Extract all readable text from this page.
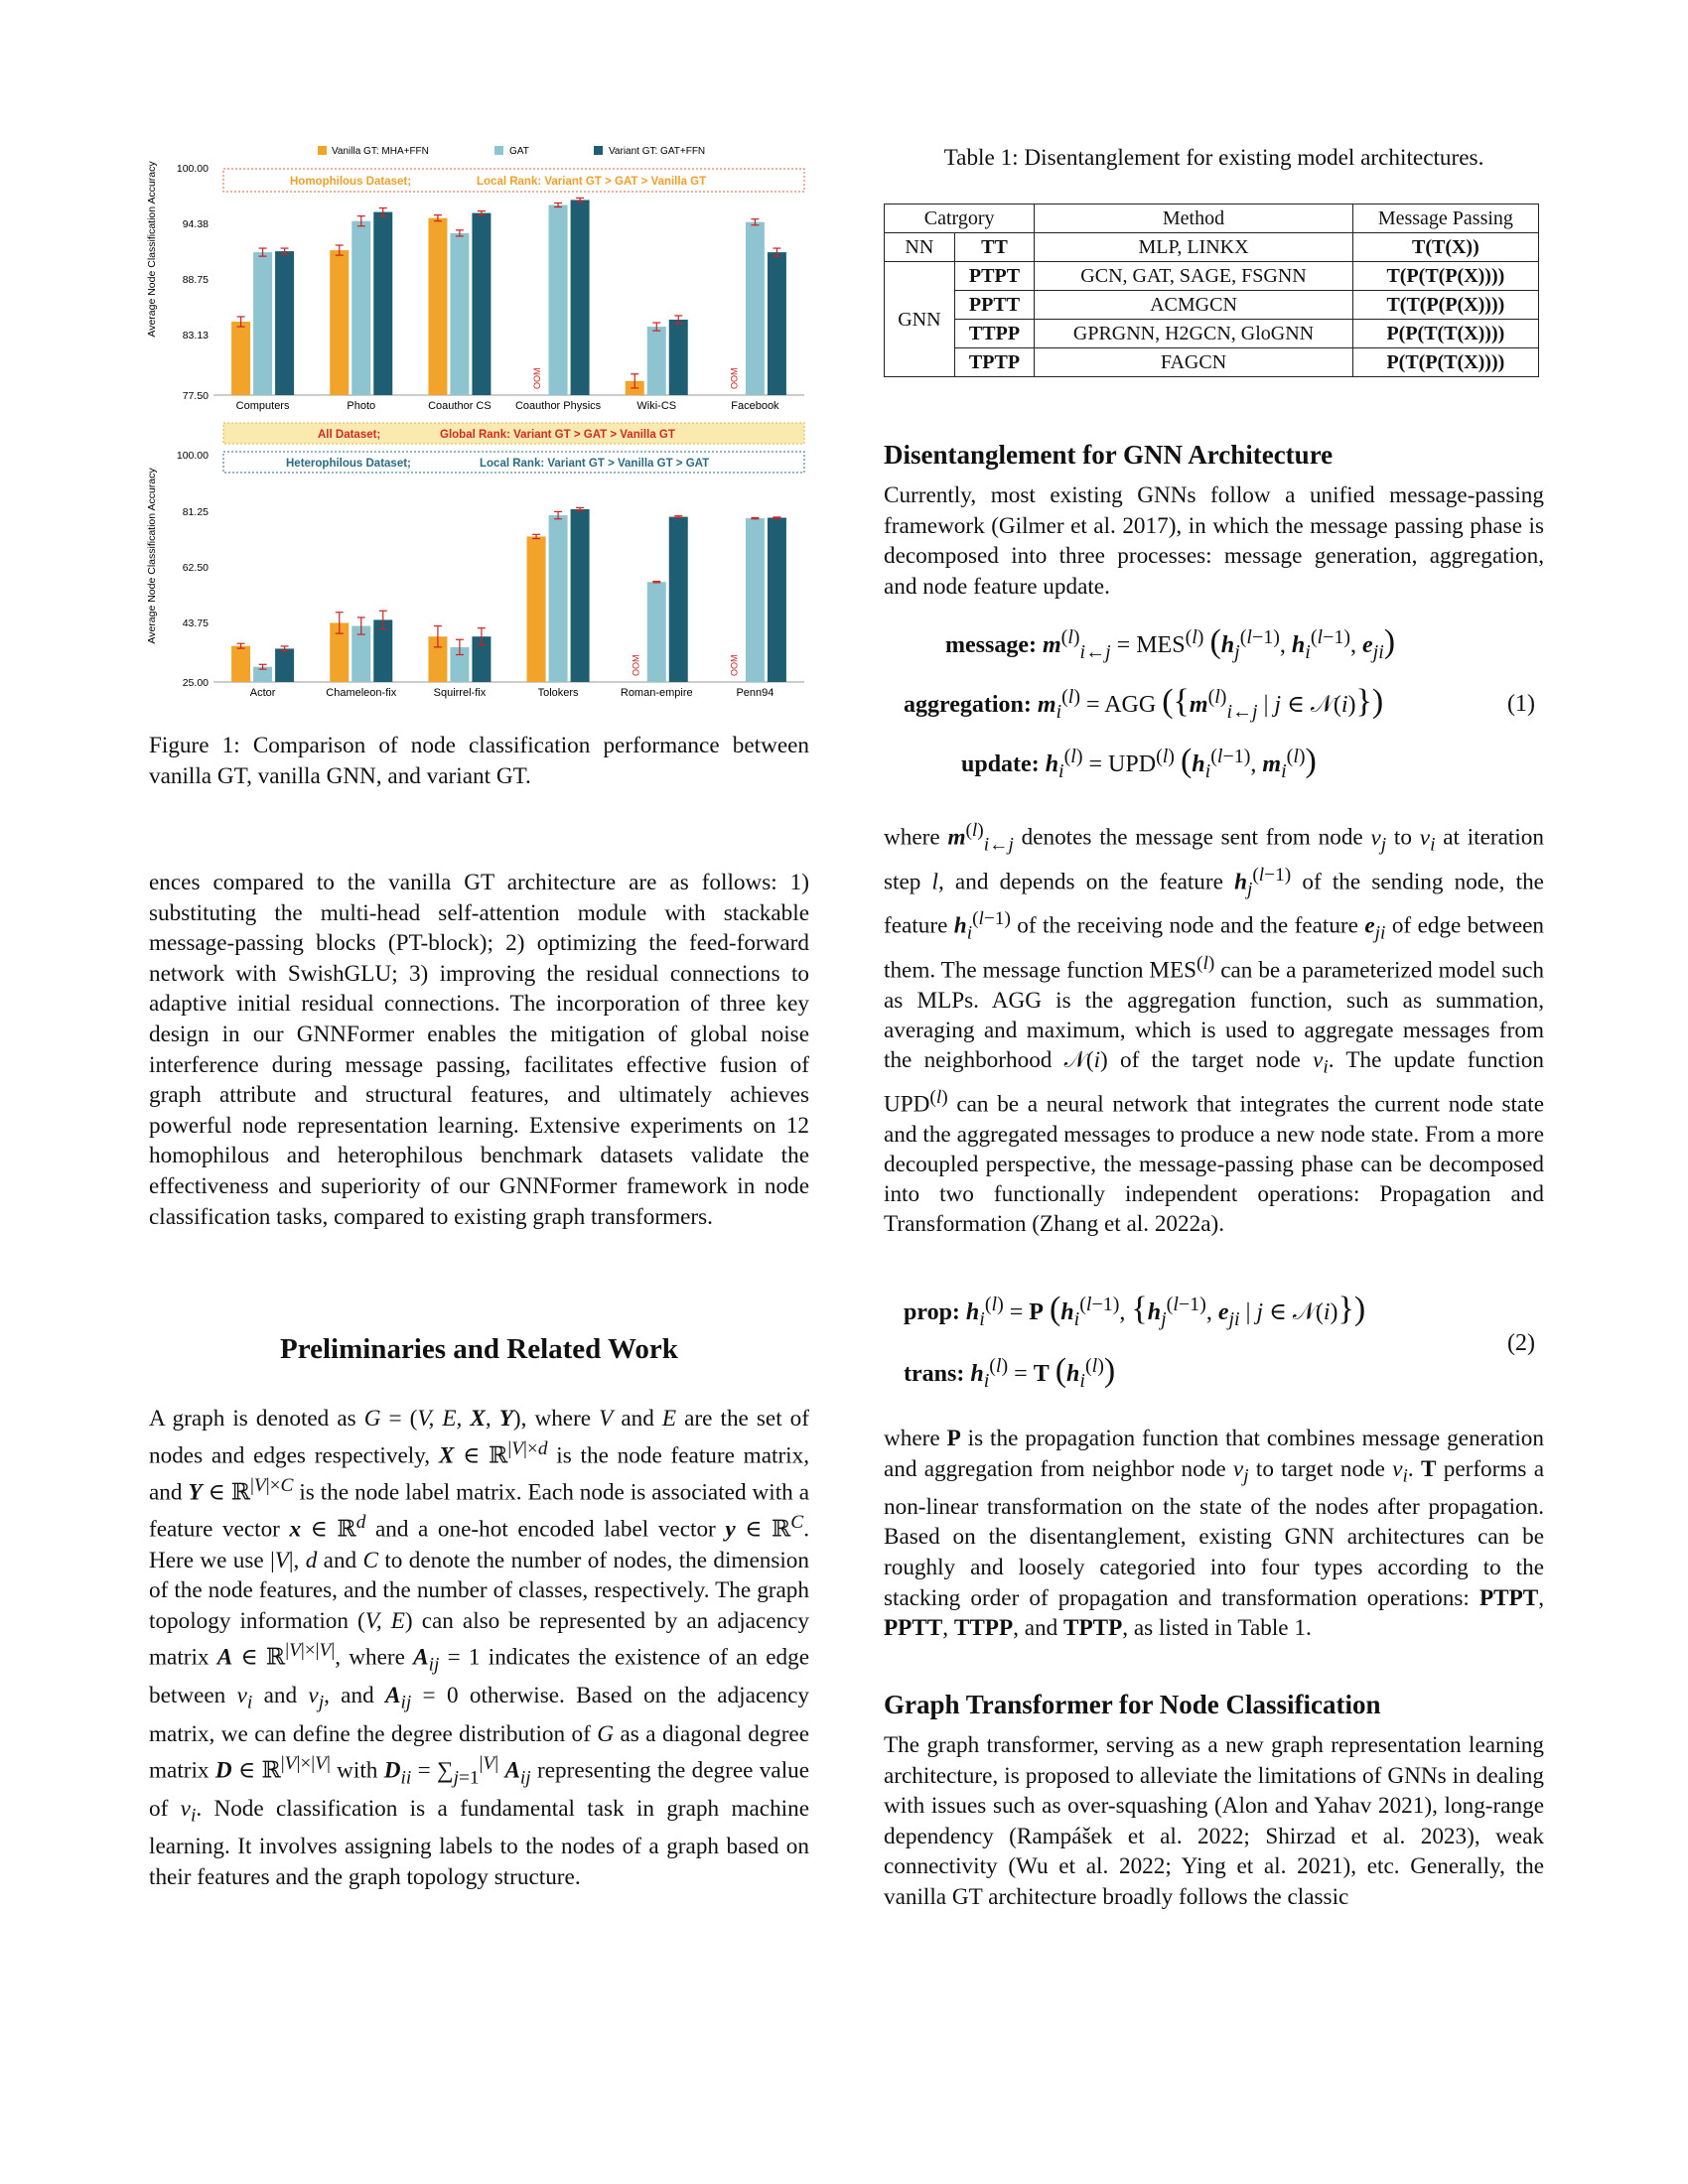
Vanilla GT: MHA+FFN	GAT	Variant GT: GAT+FFN
Average Node Classification Accuracy 100.00
94.38
88.75
83.13
77.50
Homophilous Dataset;	Local Rank: Variant GT > GAT > Vanilla GT
OOM	OOM
Computers	Photo	Coauthor CS Coauthor Physics	Wiki-CS	Facebook
All Dataset;	Global Rank: Variant GT > GAT > Vanilla GT
Average Node Classification Accuracy
100.00
81.25
62.50
43.75
25.00
Heterophilous Dataset;	Local Rank: Variant GT > Vanilla GT > GAT
OOM	OOM
Actor	Chameleon-fix	Squirrel-fix	Tolokers	Roman-empire	Penn94

Figure 1: Comparison of node classification performance between vanilla GT, vanilla GNN, and variant GT.

ences compared to the vanilla GT architecture are as follows: 1) substituting the multi-head self-attention module with stackable message-passing blocks (PT-block); 2) optimizing the feed-forward network with SwishGLU; 3) improving the residual connections to adaptive initial residual connections. The incorporation of three key design in our GNNFormer enables the mitigation of global noise interference during message passing, facilitates effective fusion of graph attribute and structural features, and ultimately achieves powerful node representation learning. Extensive experiments on 12 homophilous and heterophilous benchmark datasets validate the effectiveness and superiority of our GNNFormer framework in node classification tasks, compared to existing graph transformers.

Preliminaries and Related Work

A graph is denoted as G = (V, E, X, Y), where V and E are the set of nodes and edges respectively, X ∈ ℝ$^{|V|\times d}$ is the node feature matrix, and Y ∈ ℝ$^{|V|\times C}$ is the node label matrix. Each node is associated with a feature vector x ∈ ℝ$^d$ and a one-hot encoded label vector y ∈ ℝ$^C$. Here we use |V|, d and C to denote the number of nodes, the dimension of the node features, and the number of classes, respectively. The graph topology information (V, E) can also be represented by an adjacency matrix A ∈ ℝ$^{|V|\times|V|}$, where $A_{ij} = 1$ indicates the existence of an edge between $v_i$ and $v_j$, and $A_{ij} = 0$ otherwise. Based on the adjacency matrix, we can define the degree distribution of G as a diagonal degree matrix D ∈ ℝ$^{|V|\times|V|}$ with $D_{ii} = \sum_{j=1}^{|V|}$ $A_{ij}$ representing the degree value of $v_i$. Node classification is a fundamental task in graph machine learning. It involves assigning labels to the nodes of a graph based on their features and the graph topology structure.

Table 1: Disentanglement for existing model architectures.
Catrgory		Method	Message Passing
NN	TT	MLP, LINKX	T(T(X))
GNN	PTPT	GCN, GAT, SAGE, FSGNN	T(P(T(P(X))))
	PPTT	ACMGCN	T(T(P(P(X))))
	TTPP	GPRGNN, H2GCN, GloGNN	P(P(T(T(X))))
	TPTP	FAGCN	P(T(P(T(X))))
Disentanglement for GNN Architecture

Currently, most existing GNNs follow a unified message-passing framework (Gilmer et al. 2017), in which the message passing phase is decomposed into three processes: message generation, aggregation, and node feature update.

message: $m^{(l)}_{i\leftarrow j} = MES^{(l)}$ ($h_j^{(l-1)}$, $h_i^{(l-1)}$, $e_{ji}$)
aggregation: $m_i^{(l)}$ = AGG ({$m^{(l)}_{i\leftarrow j}$ | j ∈ 𝒩(i)})	(1)
update: $h_i^{(l)} = UPD^{(l)}$ ($h_i^{(l-1)}$, $m_i^{(l)}$)

where $m^{(l)}_{i\leftarrow j}$ denotes the message sent from node $v_j$ to $v_i$ at iteration step l, and depends on the feature $h_j^{(l-1)}$ of the sending node, the feature $h_i^{(l-1)}$ of the receiving node and the feature $e_{ji}$ of edge between them. The message function MES$^{(l)}$ can be a parameterized model such as MLPs. AGG is the aggregation function, such as summation, averaging and maximum, which is used to aggregate messages from the neighborhood 𝒩(i) of the target node $v_i$. The update function UPD$^{(l)}$ can be a neural network that integrates the current node state and the aggregated messages to produce a new node state. From a more decoupled perspective, the message-passing phase can be decomposed into two functionally independent operations: Propagation and Transformation (Zhang et al. 2022a).

prop: $h_i^{(l)} = P$ ($h_i^{(l-1)}$, {$h_j^{(l-1)}$, $e_{ji}$ | j ∈ 𝒩(i)})
(2)
trans: $h_i^{(l)} = T$ $(h_i^{(l)})$

where P is the propagation function that combines message generation and aggregation from neighbor node $v_j$ to target node $v_i$. T performs a non-linear transformation on the state of the nodes after propagation. Based on the disentanglement, existing GNN architectures can be roughly and loosely categoried into four types according to the stacking order of propagation and transformation operations: PTPT, PPTT, TTPP, and TPTP, as listed in Table 1.

Graph Transformer for Node Classification

The graph transformer, serving as a new graph representation learning architecture, is proposed to alleviate the limitations of GNNs in dealing with issues such as over-squashing (Alon and Yahav 2021), long-range dependency (Rampášek et al. 2022; Shirzad et al. 2023), weak connectivity (Wu et al. 2022; Ying et al. 2021), etc. Generally, the vanilla GT architecture broadly follows the classic
